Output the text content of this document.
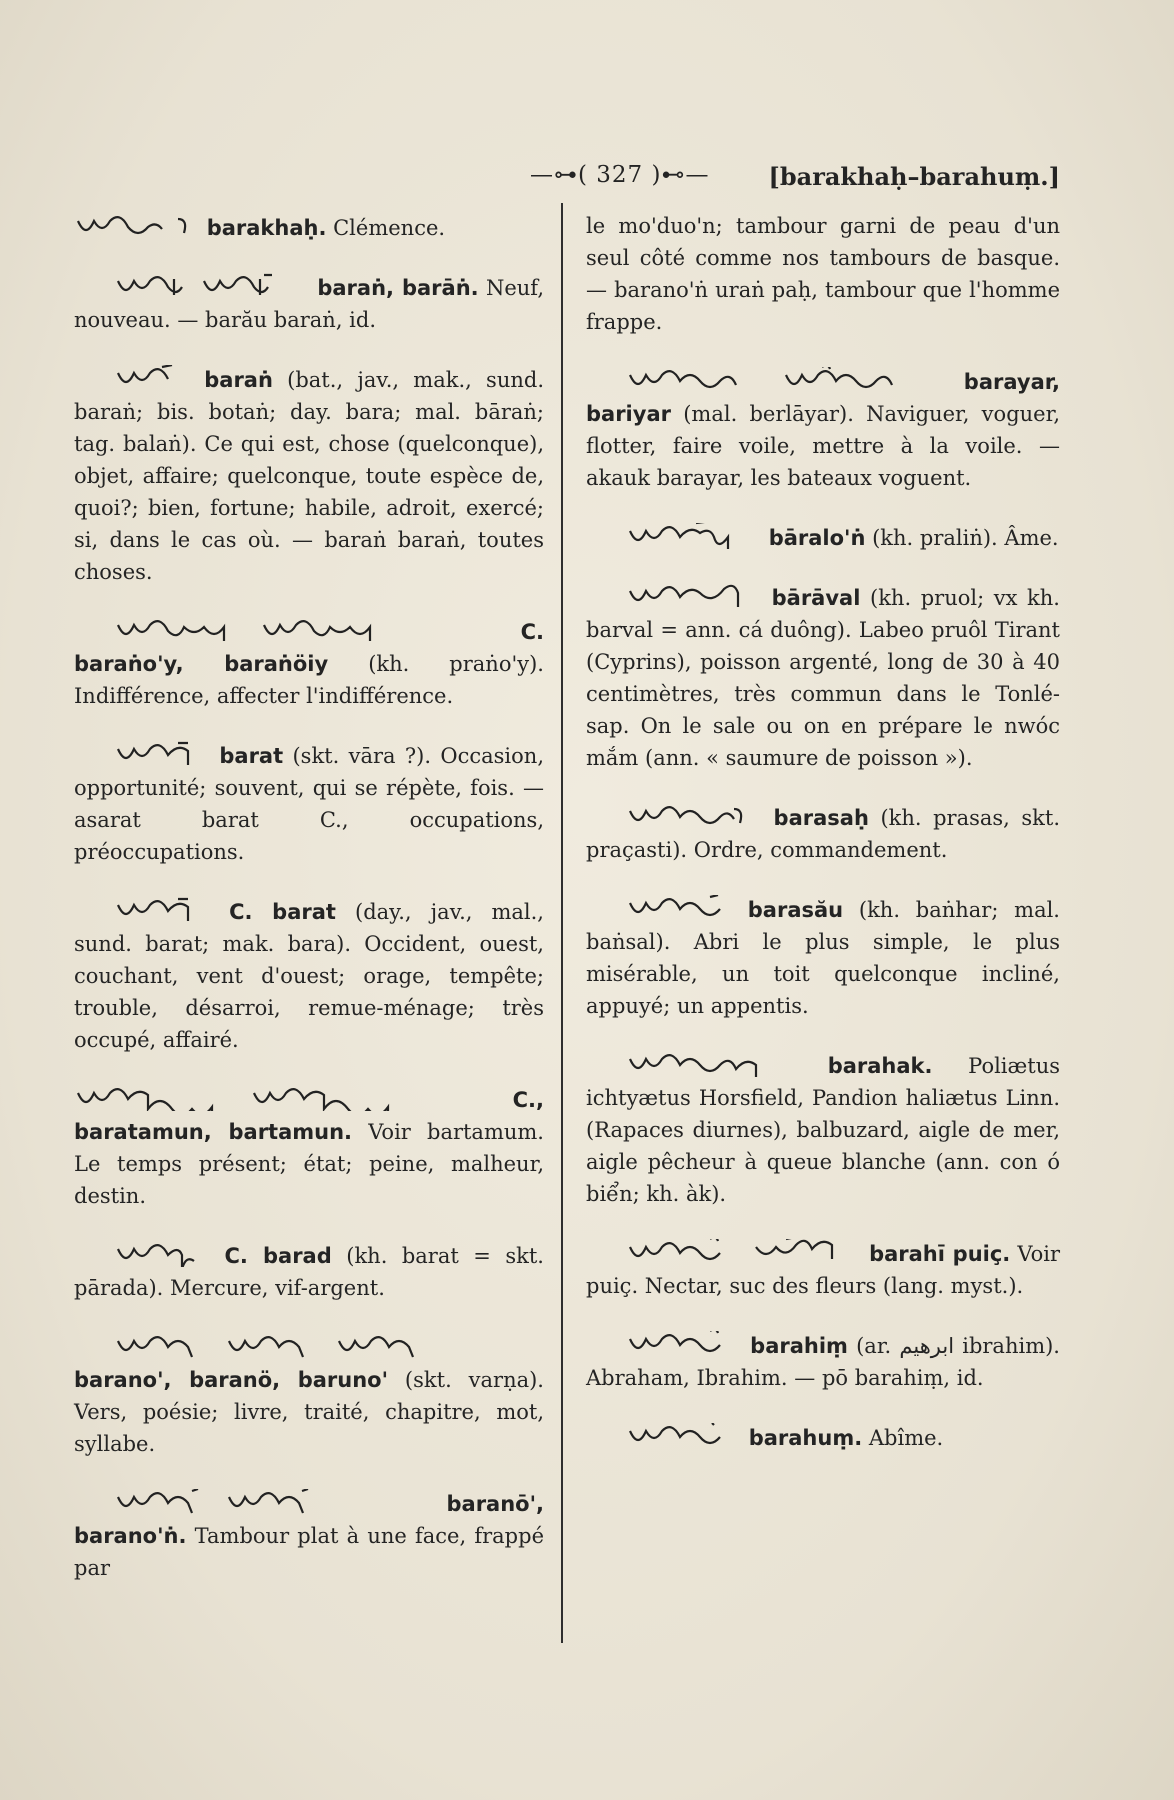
—⊶( 327 )⊷— [barakhaḥ–barahuṃ.]
barakhaḥ. Clémence.
baraṅ, barāṅ. Neuf, nouveau. — barău baraṅ, id.
baraṅ (bat., jav., mak., sund. baraṅ; bis. botaṅ; day. bara; mal. bāraṅ; tag. balaṅ). Ce qui est, chose (quelconque), objet, affaire; quelconque, toute espèce de, quoi?; bien, fortune; habile, adroit, exercé; si, dans le cas où. — baraṅ baraṅ, toutes choses.
C. baraṅo'y, baraṅöiy (kh. praṅo'y). Indifférence, affecter l'indifférence.
barat (skt. vāra ?). Occasion, opportunité; souvent, qui se répète, fois. — asarat barat C., occupations, préoccupations.
C. barat (day., jav., mal., sund. barat; mak. bara). Occident, ouest, couchant, vent d'ouest; orage, tempête; trouble, désarroi, remue-ménage; très occupé, affairé.
C., baratamun, bartamun. Voir bartamum. Le temps présent; état; peine, malheur, destin.
C. barad (kh. barat = skt. pārada). Mercure, vif-argent.
barano', baranö, baruno' (skt. varṇa). Vers, poésie; livre, traité, chapitre, mot, syllabe.
baranō', barano'ṅ. Tambour plat à une face, frappé par
le mo'duo'n; tambour garni de peau d'un seul côté comme nos tambours de basque. — barano'ṅ uraṅ paḥ, tambour que l'homme frappe.
barayar, bariyar (mal. berlāyar). Naviguer, voguer, flotter, faire voile, mettre à la voile. — akauk barayar, les bateaux voguent.
bāralo'ṅ (kh. praliṅ). Âme.
bārāval (kh. pruol; vx kh. barval = ann. cá duông). Labeo pruôl Tirant (Cyprins), poisson argenté, long de 30 à 40 centimètres, très commun dans le Tonlé-sap. On le sale ou on en prépare le nwóc mắm (ann. « saumure de poisson »).
barasaḥ (kh. prasas, skt. praçasti). Ordre, commandement.
barasău (kh. baṅhar; mal. baṅsal). Abri le plus simple, le plus misérable, un toit quelconque incliné, appuyé; un appentis.
barahak. Poliætus ichtyætus Horsfield, Pandion haliætus Linn. (Rapaces diurnes), balbuzard, aigle de mer, aigle pêcheur à queue blanche (ann. con ó biển; kh. àk).
barahī puiç. Voir puiç. Nectar, suc des fleurs (lang. myst.).
barahiṃ (ar. ابرهيم ibrahim). Abraham, Ibrahim. — pō barahiṃ, id.
barahuṃ. Abîme.
